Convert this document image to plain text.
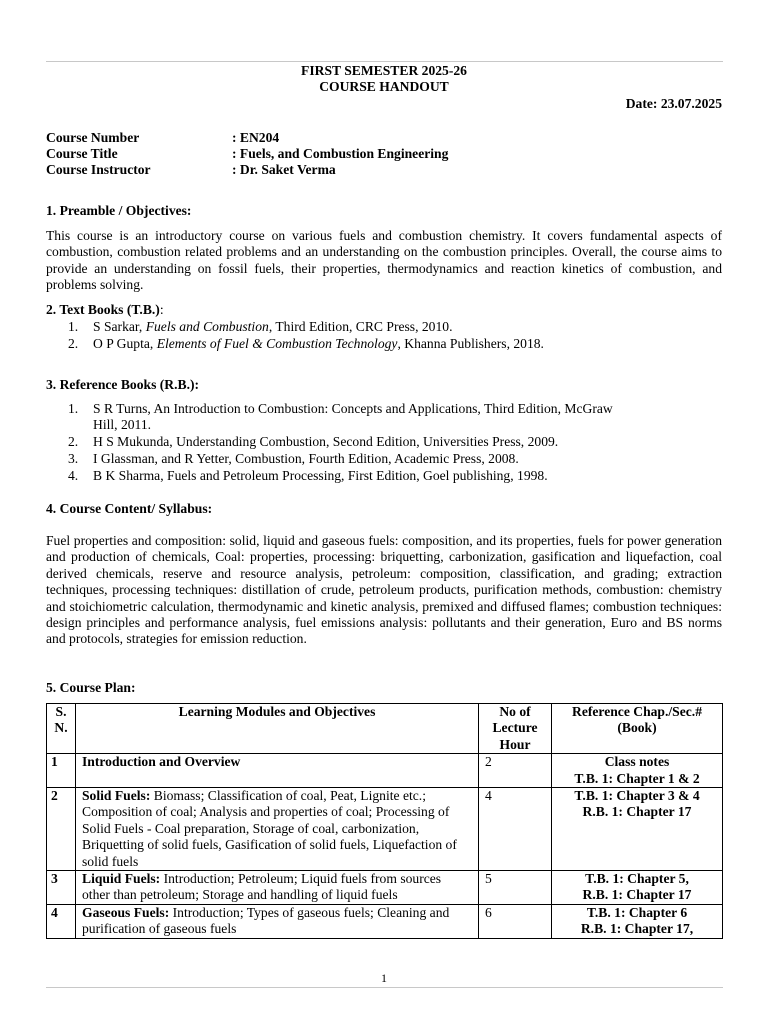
FIRST SEMESTER 2025-26
COURSE HANDOUT
Date: 23.07.2025
Course Number	: EN204
Course Title	: Fuels, and Combustion Engineering
Course Instructor	: Dr. Saket Verma
1. Preamble / Objectives:
This course is an introductory course on various fuels and combustion chemistry. It covers fundamental aspects of combustion, combustion related problems and an understanding on the combustion principles. Overall, the course aims to provide an understanding on fossil fuels, their properties, thermodynamics and reaction kinetics of combustion, and problems solving.
2. Text Books (T.B.):
1. S Sarkar, Fuels and Combustion, Third Edition, CRC Press, 2010.
2. O P Gupta, Elements of Fuel & Combustion Technology, Khanna Publishers, 2018.
3. Reference Books (R.B.):
1. S R Turns, An Introduction to Combustion: Concepts and Applications, Third Edition, McGraw
Hill, 2011.
2. H S Mukunda, Understanding Combustion, Second Edition, Universities Press, 2009.
3. I Glassman, and R Yetter, Combustion, Fourth Edition, Academic Press, 2008.
4. B K Sharma, Fuels and Petroleum Processing, First Edition, Goel publishing, 1998.
4. Course Content/ Syllabus:
Fuel properties and composition: solid, liquid and gaseous fuels: composition, and its properties, fuels for power generation and production of chemicals, Coal: properties, processing: briquetting, carbonization, gasification and liquefaction, coal derived chemicals, reserve and resource analysis, petroleum: composition, classification, and grading; extraction techniques, processing techniques: distillation of crude, petroleum products, purification methods, combustion: chemistry and stoichiometric calculation, thermodynamic and kinetic analysis, premixed and diffused flames; combustion techniques: design principles and performance analysis, fuel emissions analysis: pollutants and their generation, Euro and BS norms and protocols, strategies for emission reduction.
5. Course Plan:
S. N.	Learning Modules and Objectives	No of Lecture Hour	Reference Chap./Sec.# (Book)
1	Introduction and Overview	2	Class notes
T.B. 1: Chapter 1 & 2

2	Solid Fuels: Biomass; Classification of coal, Peat, Lignite etc.; Composition of coal; Analysis and properties of coal; Processing of Solid Fuels - Coal preparation, Storage of coal, carbonization, Briquetting of solid fuels, Gasification of solid fuels, Liquefaction of solid fuels	4	T.B. 1: Chapter 3 & 4
R.B. 1: Chapter 17

3	Liquid Fuels: Introduction; Petroleum; Liquid fuels from sources other than petroleum; Storage and handling of liquid fuels	5	T.B. 1: Chapter 5,
R.B. 1: Chapter 17

4	Gaseous Fuels: Introduction; Types of gaseous fuels; Cleaning and purification of gaseous fuels	6	T.B. 1: Chapter 6
R.B. 1: Chapter 17,
1
